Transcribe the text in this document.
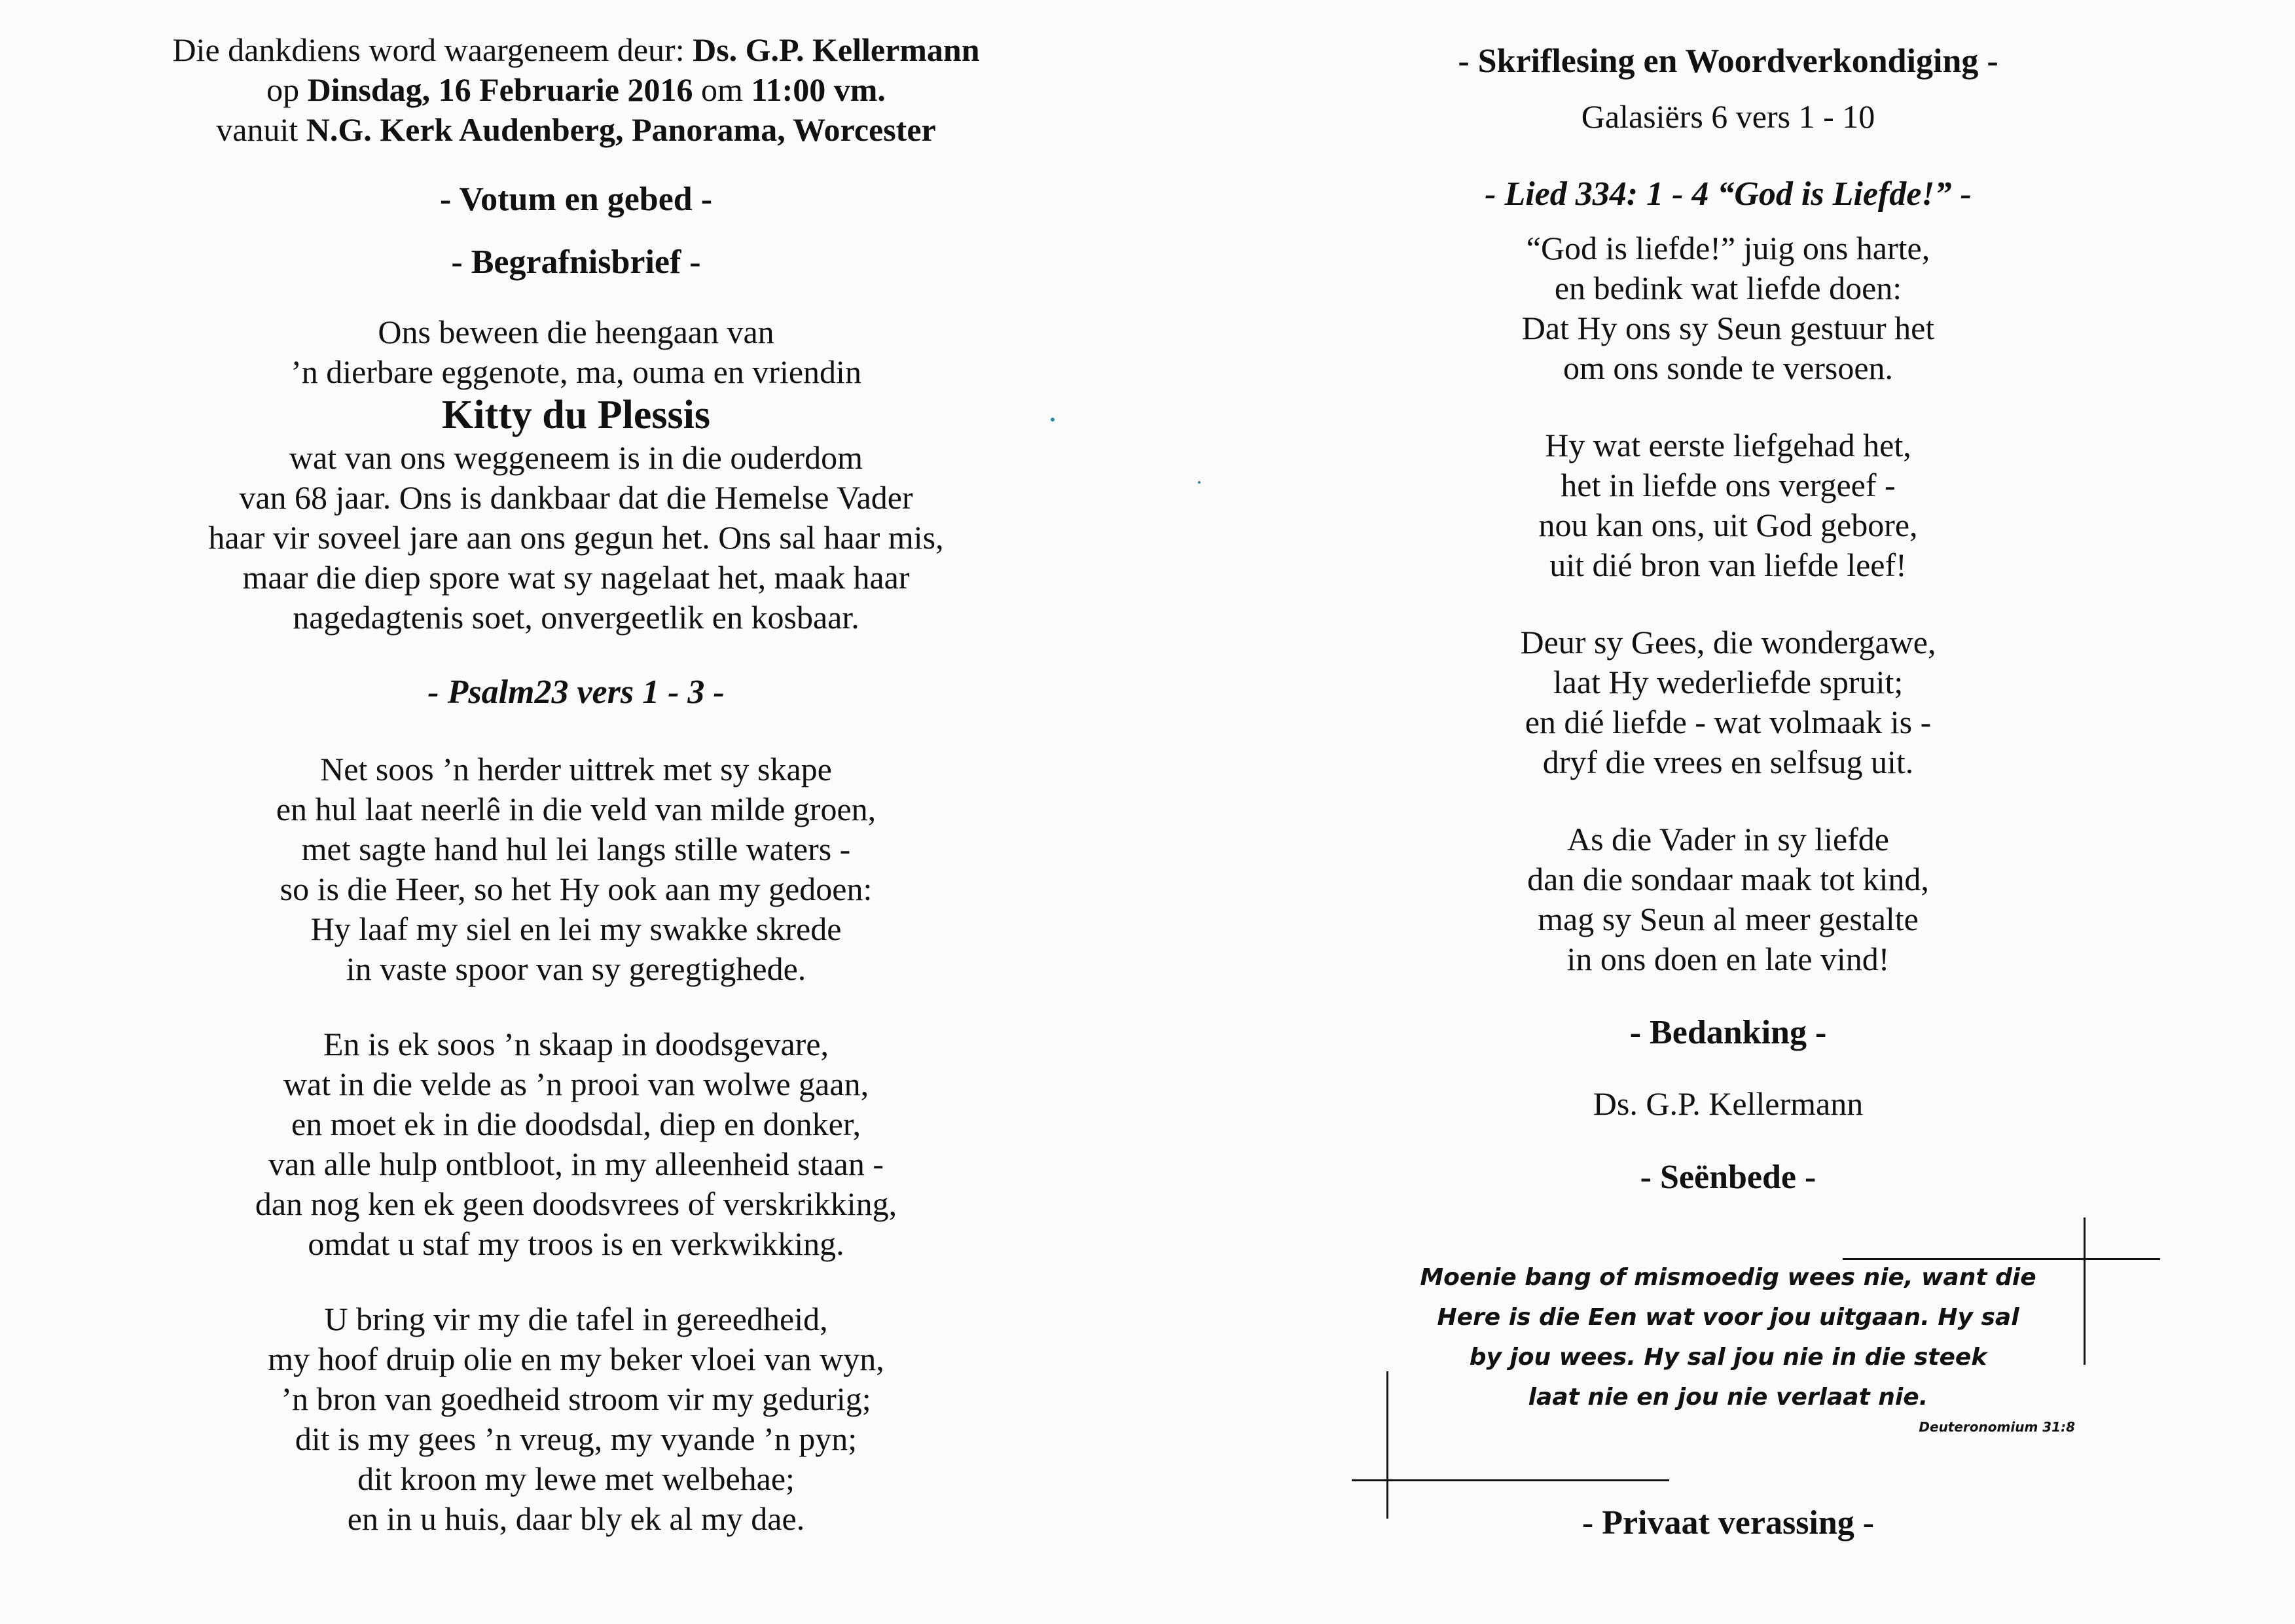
Die dankdiens word waargeneem deur: Ds. G.P. Kellermann
op Dinsdag, 16 Februarie 2016 om 11:00 vm.
vanuit N.G. Kerk Audenberg, Panorama, Worcester
- Votum en gebed -
- Begrafnisbrief -
Ons beween die heengaan van
’n dierbare eggenote, ma, ouma en vriendin
Kitty du Plessis
wat van ons weggeneem is in die ouderdom
van 68 jaar. Ons is dankbaar dat die Hemelse Vader
haar vir soveel jare aan ons gegun het. Ons sal haar mis,
maar die diep spore wat sy nagelaat het, maak haar
nagedagtenis soet, onvergeetlik en kosbaar.
- Psalm23 vers 1 - 3 -
Net soos ’n herder uittrek met sy skape
en hul laat neerlê in die veld van milde groen,
met sagte hand hul lei langs stille waters -
so is die Heer, so het Hy ook aan my gedoen:
Hy laaf my siel en lei my swakke skrede
in vaste spoor van sy geregtighede.
En is ek soos ’n skaap in doodsgevare,
wat in die velde as ’n prooi van wolwe gaan,
en moet ek in die doodsdal, diep en donker,
van alle hulp ontbloot, in my alleenheid staan -
dan nog ken ek geen doodsvrees of verskrikking,
omdat u staf my troos is en verkwikking.
U bring vir my die tafel in gereedheid,
my hoof druip olie en my beker vloei van wyn,
’n bron van goedheid stroom vir my gedurig;
dit is my gees ’n vreug, my vyande ’n pyn;
dit kroon my lewe met welbehae;
en in u huis, daar bly ek al my dae.
- Skriflesing en Woordverkondiging -
Galasiërs 6 vers 1 - 10
- Lied 334: 1 - 4 “God is Liefde!” -
“God is liefde!” juig ons harte,
en bedink wat liefde doen:
Dat Hy ons sy Seun gestuur het
om ons sonde te versoen.
Hy wat eerste liefgehad het,
het in liefde ons vergeef -
nou kan ons, uit God gebore,
uit dié bron van liefde leef!
Deur sy Gees, die wondergawe,
laat Hy wederliefde spruit;
en dié liefde - wat volmaak is -
dryf die vrees en selfsug uit.
As die Vader in sy liefde
dan die sondaar maak tot kind,
mag sy Seun al meer gestalte
in ons doen en late vind!
- Bedanking -
Ds. G.P. Kellermann
- Seënbede -
Moenie bang of mismoedig wees nie, want die
Here is die Een wat voor jou uitgaan. Hy sal
by jou wees. Hy sal jou nie in die steek
laat nie en jou nie verlaat nie.
Deuteronomium 31:8
- Privaat verassing -
